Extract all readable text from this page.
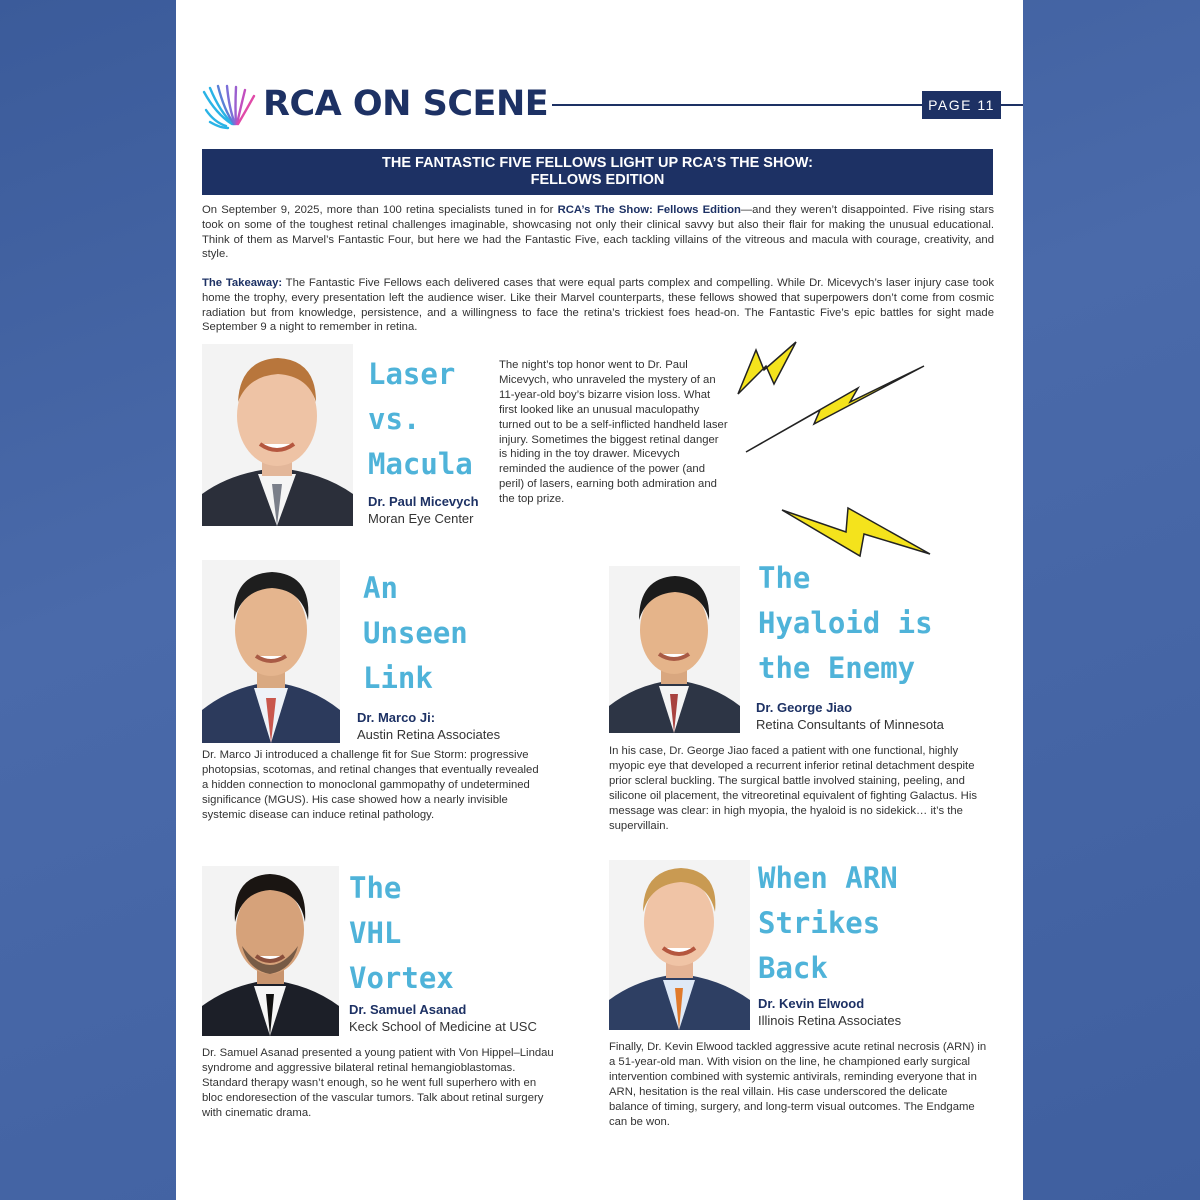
RCA ON SCENE	PAGE 11
THE FANTASTIC FIVE FELLOWS LIGHT UP RCA’S THE SHOW:
FELLOWS EDITION
On September 9, 2025, more than 100 retina specialists tuned in for RCA’s The Show: Fellows Edition—and they weren’t disappointed. Five rising stars took on some of the toughest retinal challenges imaginable, showcasing not only their clinical savvy but also their flair for making the unusual educational. Think of them as Marvel’s Fantastic Four, but here we had the Fantastic Five, each tackling villains of the vitreous and macula with courage, creativity, and style.
The Takeaway: The Fantastic Five Fellows each delivered cases that were equal parts complex and compelling. While Dr. Micevych’s laser injury case took home the trophy, every presentation left the audience wiser. Like their Marvel counterparts, these fellows showed that superpowers don’t come from cosmic radiation but from knowledge, persistence, and a willingness to face the retina’s trickiest foes head-on. The Fantastic Five’s epic battles for sight made September 9 a night to remember in retina.
Laser
vs.
Macula
Dr. Paul Micevych
Moran Eye Center
The night’s top honor went to Dr. Paul Micevych, who unraveled the mystery of an 11-year-old boy’s bizarre vision loss. What first looked like an unusual maculopathy turned out to be a self-inflicted handheld laser injury. Sometimes the biggest retinal danger is hiding in the toy drawer. Micevych reminded the audience of the power (and peril) of lasers, earning both admiration and the top prize.
An
Unseen
Link
Dr. Marco Ji:
Austin Retina Associates
Dr. Marco Ji introduced a challenge fit for Sue Storm: progressive photopsias, scotomas, and retinal changes that eventually revealed a hidden connection to monoclonal gammopathy of undetermined significance (MGUS). His case showed how a nearly invisible systemic disease can induce retinal pathology.
The
Hyaloid is
the Enemy
Dr. George Jiao
Retina Consultants of Minnesota
In his case, Dr. George Jiao faced a patient with one functional, highly myopic eye that developed a recurrent inferior retinal detachment despite prior scleral buckling. The surgical battle involved staining, peeling, and silicone oil placement, the vitreoretinal equivalent of fighting Galactus. His message was clear: in high myopia, the hyaloid is no sidekick… it’s the supervillain.
The
VHL
Vortex
Dr. Samuel Asanad
Keck School of Medicine at USC
Dr. Samuel Asanad presented a young patient with Von Hippel–Lindau syndrome and aggressive bilateral retinal hemangioblastomas. Standard therapy wasn’t enough, so he went full superhero with en bloc endoresection of the vascular tumors. Talk about retinal surgery with cinematic drama.
When ARN
Strikes
Back
Dr. Kevin Elwood
Illinois Retina Associates
Finally, Dr. Kevin Elwood tackled aggressive acute retinal necrosis (ARN) in a 51-year-old man. With vision on the line, he championed early surgical intervention combined with systemic antivirals, reminding everyone that in ARN, hesitation is the real villain. His case underscored the delicate balance of timing, surgery, and long-term visual outcomes. The Endgame can be won.
